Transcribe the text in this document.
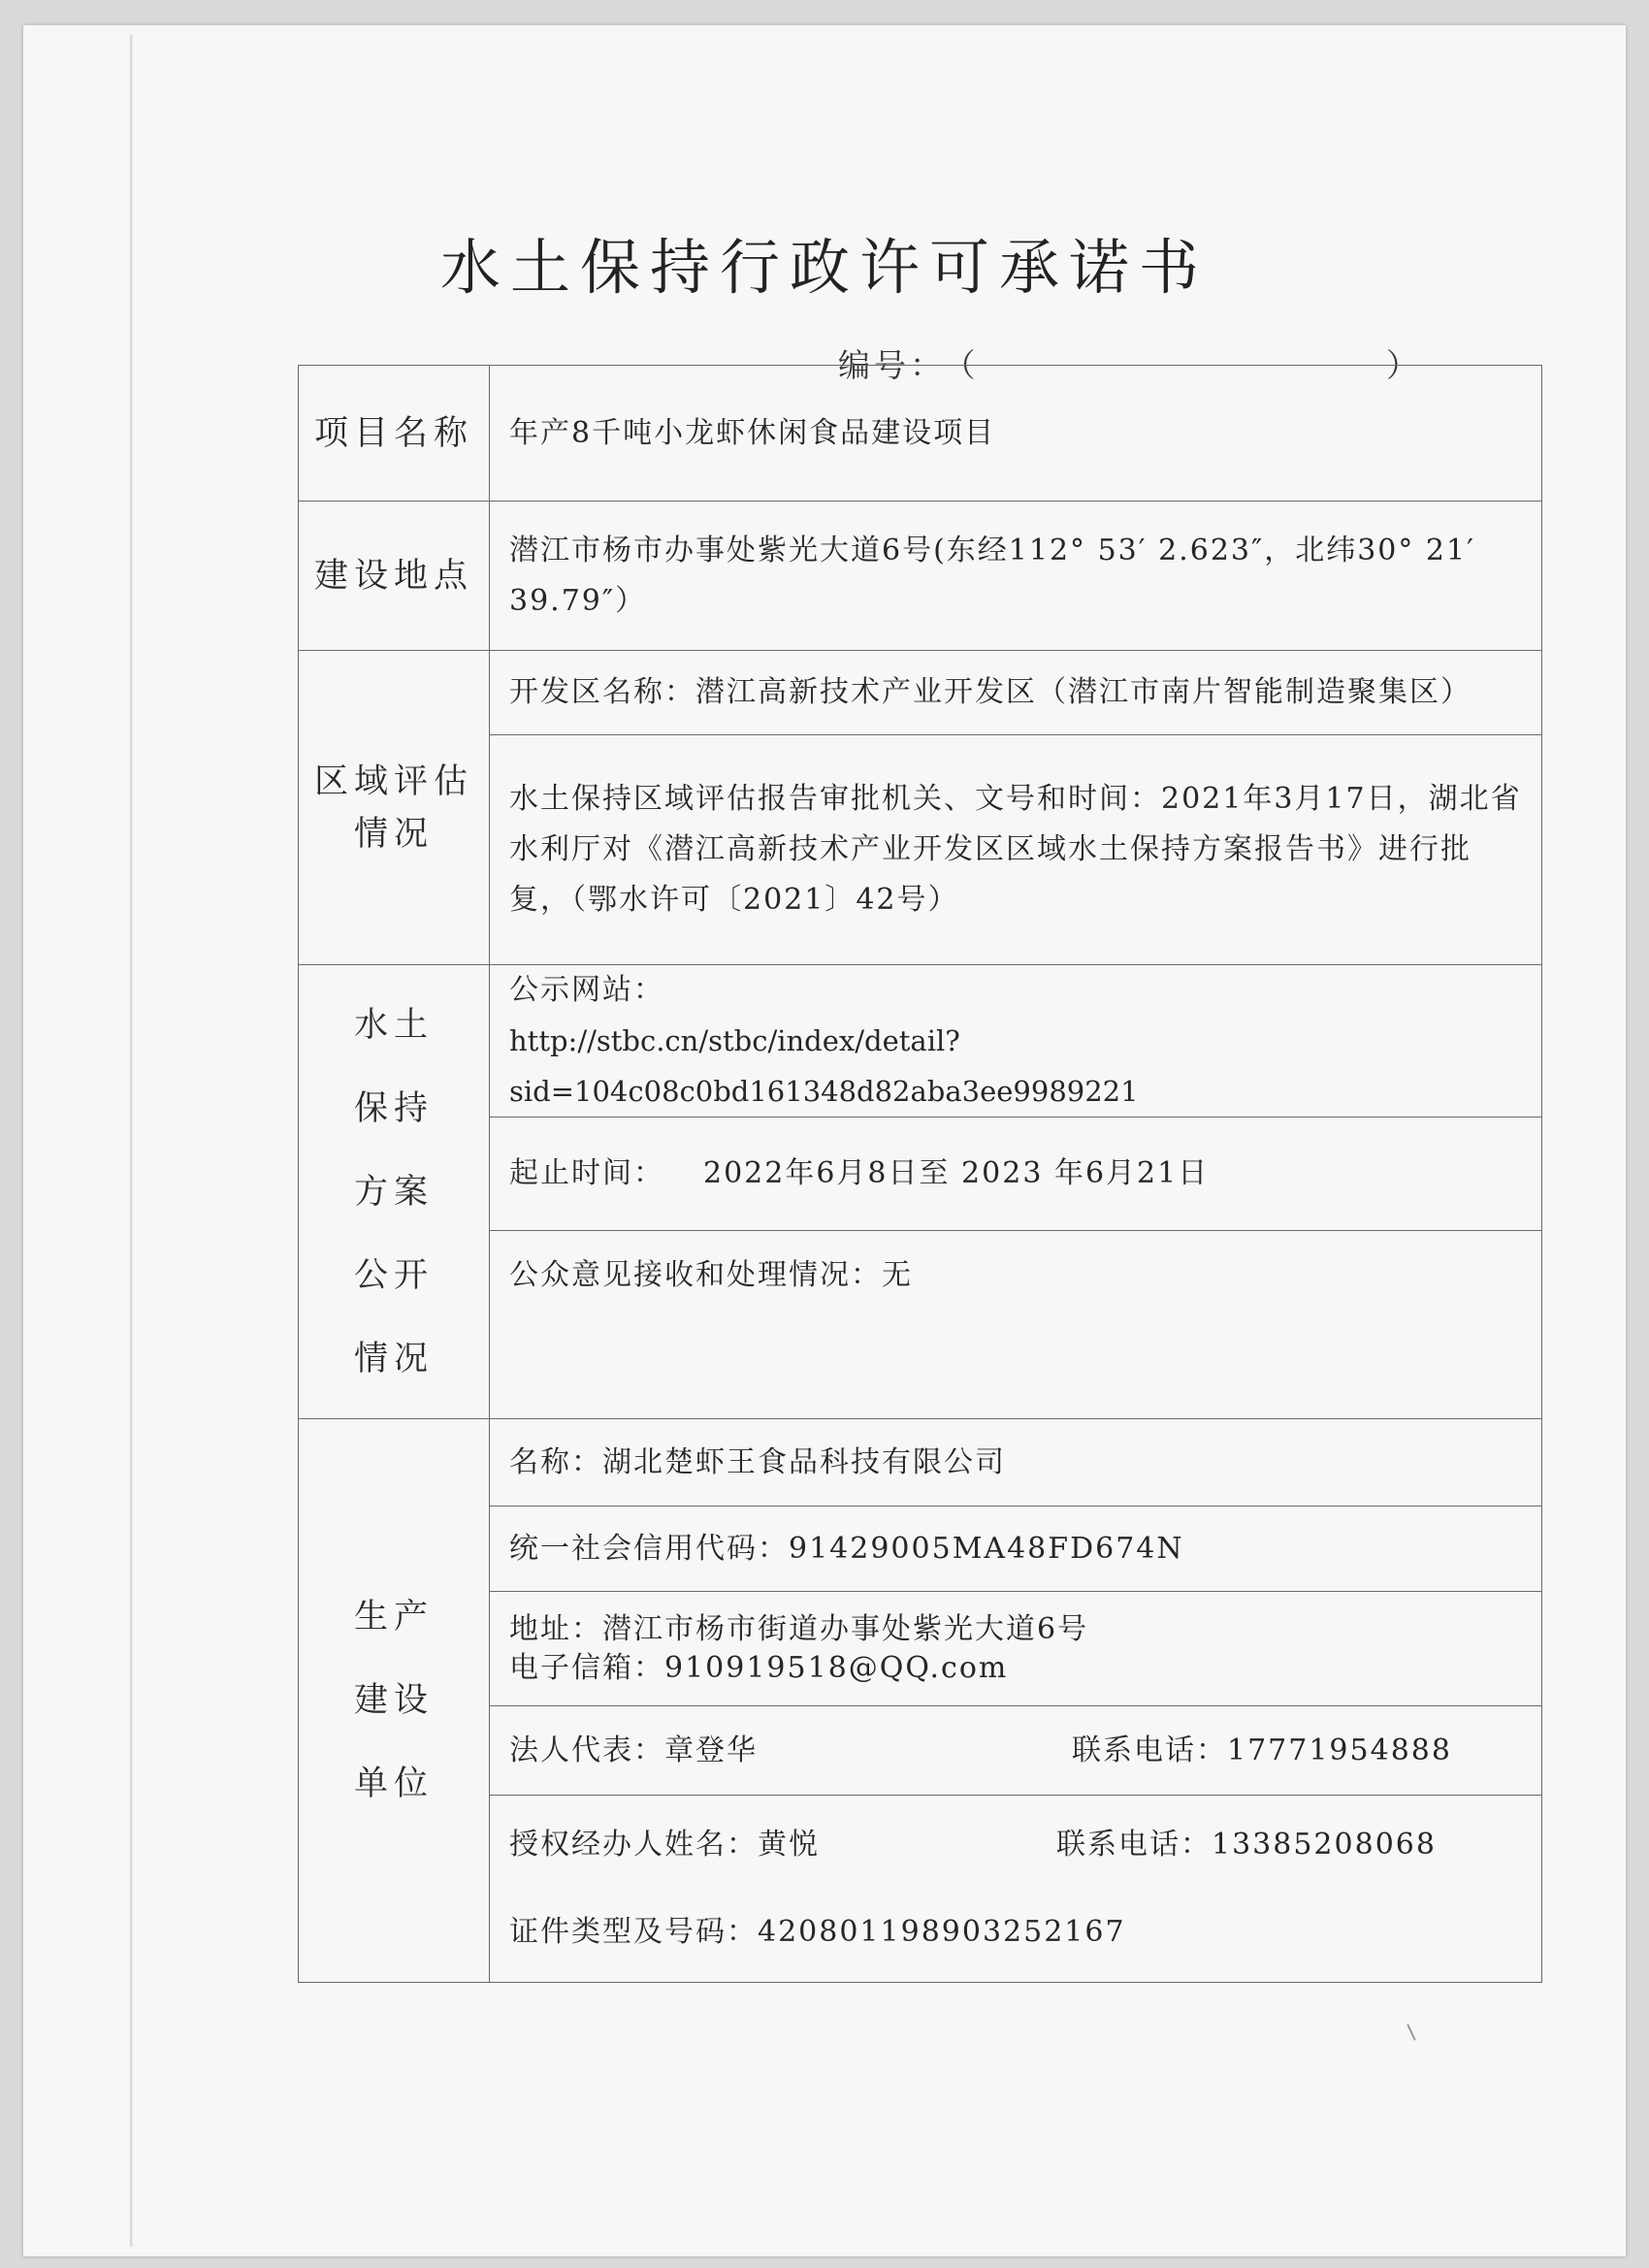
水土保持行政许可承诺书
编号： （	）
项目名称	年产8千吨小龙虾休闲食品建设项目
建设地点	潜江市杨市办事处紫光大道6号(东经112° 53′ 2.623″，北纬30° 21′ 39.79″）
区域评估情况	开发区名称：潜江高新技术产业开发区（潜江市南片智能制造聚集区）
	水土保持区域评估报告审批机关、文号和时间：2021年3月17日，湖北省水利厅对《潜江高新技术产业开发区区域水土保持方案报告书》进行批复，（鄂水许可〔2021〕42号）
水土保持方案公开情况	公示网站：
http://stbc.cn/stbc/index/detail?sid=104c08c0bd161348d82aba3ee9989221

	起止时间： 2022年6月8日至 2023 年6月21日
	公众意见接收和处理情况：无
生产建设单位	名称：湖北楚虾王食品科技有限公司
	统一社会信用代码：91429005MA48FD674N

	地址：潜江市杨市街道办事处紫光大道6号
电子信箱：910919518@QQ.com

	法人代表：章登华 联系电话：17771954888

	授权经办人姓名：黄悦 联系电话：13385208068
证件类型及号码：420801198903252167
